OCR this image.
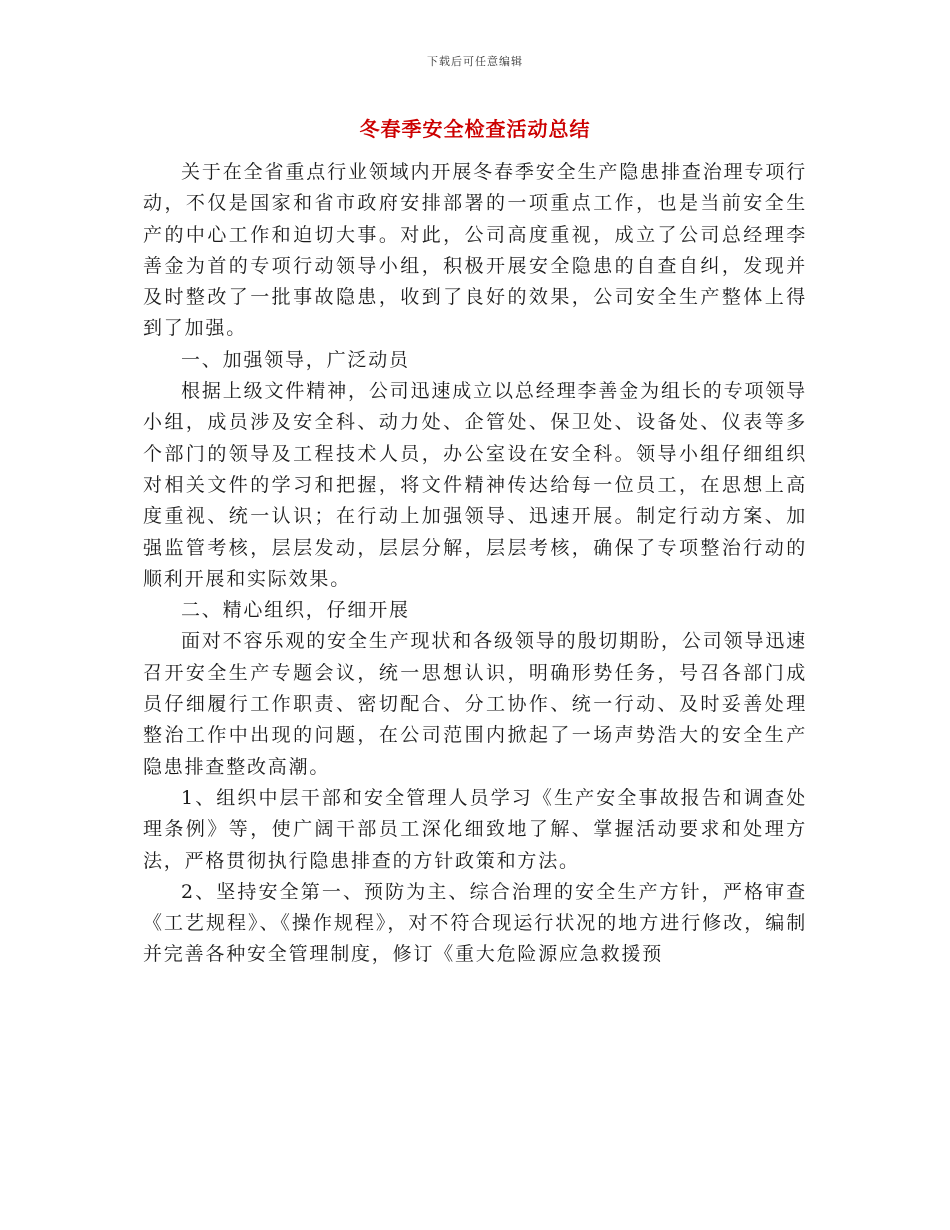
下载后可任意编辑
冬春季安全检查活动总结

关于在全省重点行业领域内开展冬春季安全生产隐患排查治理专项行动，不仅是国家和省市政府安排部署的一项重点工作，也是当前安全生产的中心工作和迫切大事。对此，公司高度重视，成立了公司总经理李善金为首的专项行动领导小组，积极开展安全隐患的自查自纠，发现并及时整改了一批事故隐患，收到了良好的效果，公司安全生产整体上得到了加强。

一、加强领导，广泛动员

根据上级文件精神，公司迅速成立以总经理李善金为组长的专项领导小组，成员涉及安全科、动力处、企管处、保卫处、设备处、仪表等多个部门的领导及工程技术人员，办公室设在安全科。领导小组仔细组织对相关文件的学习和把握，将文件精神传达给每一位员工，在思想上高度重视、统一认识；在行动上加强领导、迅速开展。制定行动方案、加强监管考核，层层发动，层层分解，层层考核，确保了专项整治行动的顺利开展和实际效果。

二、精心组织，仔细开展

面对不容乐观的安全生产现状和各级领导的殷切期盼，公司领导迅速召开安全生产专题会议，统一思想认识，明确形势任务，号召各部门成员仔细履行工作职责、密切配合、分工协作、统一行动、及时妥善处理整治工作中出现的问题，在公司范围内掀起了一场声势浩大的安全生产隐患排查整改高潮。

1、组织中层干部和安全管理人员学习《生产安全事故报告和调查处理条例》等，使广阔干部员工深化细致地了解、掌握活动要求和处理方法，严格贯彻执行隐患排查的方针政策和方法。

2、坚持安全第一、预防为主、综合治理的安全生产方针，严格审查《工艺规程》、《操作规程》，对不符合现运行状况的地方进行修改，编制并完善各种安全管理制度，修订《重大危险源应急救援预
